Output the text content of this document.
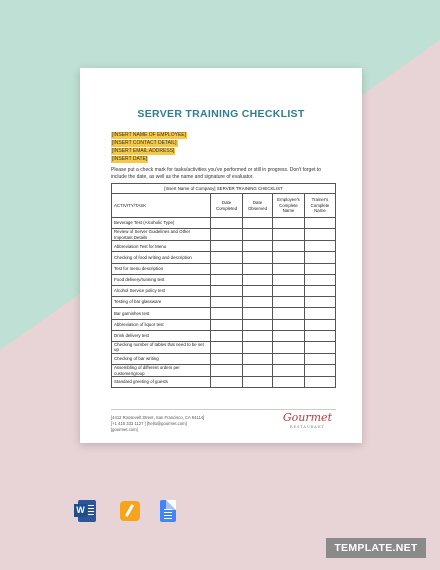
SERVER TRAINING CHECKLIST
[INSERT NAME OF EMPLOYEE]
[INSERT CONTACT DETAIL]
[INSERT EMAIL ADDRESS]
[INSERT DATE]
Please put a check mark for tasks/activities you've performed or still in progress. Don't forget to include the date, as well as the name and signature of evaluator.
[Insert Name of Company] SERVER TRAINING CHECKLIST				
ACTIVITY/TASK	Date Completed	Date Observed	Employee's Complete Name	Trainer's Complete Name
Beverage Test (Alcoholic Type)				
Review of Server Guidelines and Other Important Details				
Abbreviation Test for Menu				
Checking of food writing and description				
Test for menu description				
Food delivery/running test				
Alcohol Service policy test				
Testing of bar glassware				
Bar garnishes test				
Abbreviation of liquor test				
Drink delivery test				
Checking number of tables that need to be set up				
Checking of bar writing				
Assembling of different orders per customer/group				
Standard greeting of guests				
[4412 Roosevelt Street, San Francisco, CA 94114]
[+1 415 333 1127 ] [hello@gourmet.com]
[gourmet.com]
Gourmet
RESTAURANT
W
TEMPLATE.NET
